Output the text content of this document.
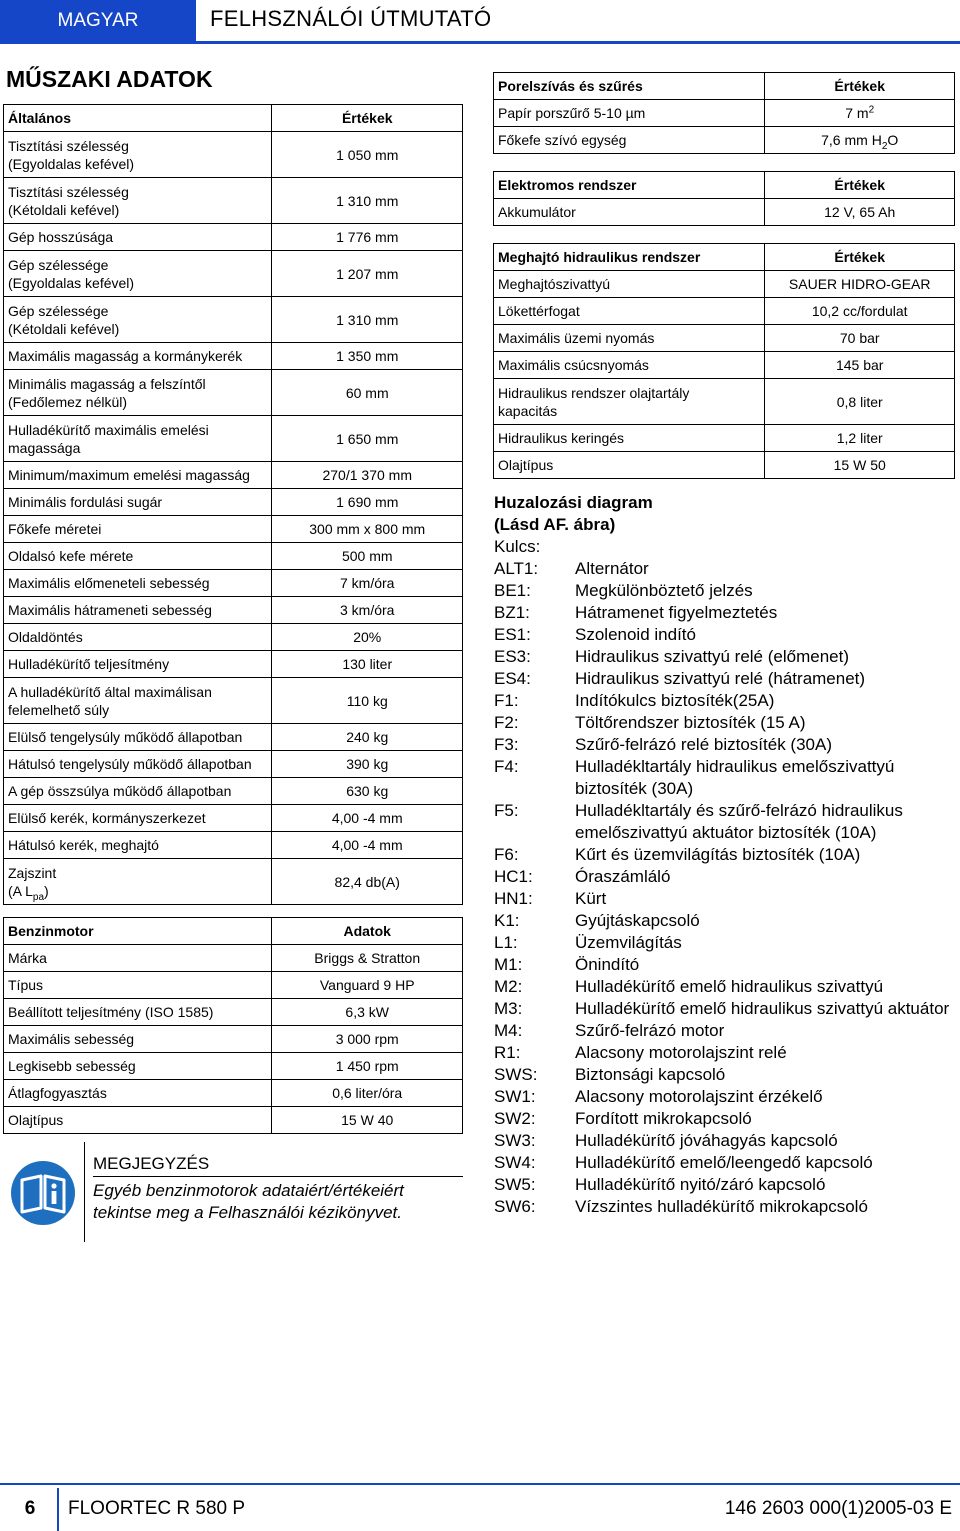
MAGYAR	FELHSZNÁLÓI ÚTMUTATÓ
MŰSZAKI ADATOK
Általános	Értékek

Tisztítási szélesség
(Egyoldalas kefével)	1 050 mm

Tisztítási szélesség
(Kétoldali kefével)	1 310 mm
Gép hosszúsága	1 776 mm

Gép szélessége
(Egyoldalas kefével)	1 207 mm

Gép szélessége
(Kétoldali kefével)	1 310 mm
Maximális magasság a kormánykerék	1 350 mm

Minimális magasság a felszíntől
(Fedőlemez nélkül)	60 mm

Hulladékürítő maximális emelési
magassága	1 650 mm
Minimum/maximum emelési magasság	270/1 370 mm
Minimális fordulási sugár	1 690 mm
Főkefe méretei	300 mm x 800 mm
Oldalsó kefe mérete	500 mm
Maximális előmeneteli sebesség	7 km/óra
Maximális hátrameneti sebesség	3 km/óra
Oldaldöntés	20%
Hulladékürítő teljesítmény	130 liter

A hulladékürítő által maximálisan
felemelhető súly	110 kg
Elülső tengelysúly működő állapotban	240 kg
Hátulsó tengelysúly működő állapotban	390 kg
A gép összsúlya működő állapotban	630 kg
Elülső kerék, kormányszerkezet	4,00 -4 mm
Hátulsó kerék, meghajtó	4,00 -4 mm

Zajszint
(A $L_{pa}$)	82,4 db(A)
Benzinmotor	Adatok
Márka	Briggs & Stratton
Típus	Vanguard 9 HP
Beállított teljesítmény (ISO 1585)	6,3 kW
Maximális sebesség	3 000 rpm
Legkisebb sebesség	1 450 rpm
Átlagfogyasztás	0,6 liter/óra
Olajtípus	15 W 40
MEGJEGYZÉS
Egyéb benzinmotorok adataiért/értékeiért
tekintse meg a Felhasználói kézikönyvet.
Porelszívás és szűrés	Értékek
Papír porszűrő 5-10 µm	7 $m^2$
Főkefe szívó egység	7,6 mm $H_2O$
Elektromos rendszer	Értékek
Akkumulátor	12 V, 65 Ah
Meghajtó hidraulikus rendszer	Értékek
Meghajtószivattyú	SAUER HIDRO-GEAR
Lökettérfogat	10,2 cc/fordulat
Maximális üzemi nyomás	70 bar
Maximális csúcsnyomás	145 bar

Hidraulikus rendszer olajtartály
kapacitás	0,8 liter
Hidraulikus keringés	1,2 liter
Olajtípus	15 W 50
Huzalozási diagram
(Lásd AF. ábra)
Kulcs:
ALT1:	Alternátor
BE1:	Megkülönböztető jelzés
BZ1:	Hátramenet figyelmeztetés
ES1:	Szolenoid indító
ES3:	Hidraulikus szivattyú relé (előmenet)
ES4:	Hidraulikus szivattyú relé (hátramenet)
F1:	Indítókulcs biztosíték(25A)
F2:	Töltőrendszer biztosíték (15 A)
F3:	Szűrő-felrázó relé biztosíték (30A)
F4:	Hulladékltartály hidraulikus emelőszivattyú biztosíték (30A)
F5:	Hulladékltartály és szűrő-felrázó hidraulikus emelőszivattyú aktuátor biztosíték (10A)
F6:	Kűrt és üzemvilágítás biztosíték (10A)
HC1:	Óraszámláló
HN1:	Kürt
K1:	Gyújtáskapcsoló
L1:	Üzemvilágítás
M1:	Önindító
M2:	Hulladékürítő emelő hidraulikus szivattyú
M3:	Hulladékürítő emelő hidraulikus szivattyú aktuátor
M4:	Szűrő-felrázó motor
R1:	Alacsony motorolajszint relé
SWS:	Biztonsági kapcsoló
SW1:	Alacsony motorolajszint érzékelő
SW2:	Fordított mikrokapcsoló
SW3:	Hulladékürítő jóváhagyás kapcsoló
SW4:	Hulladékürítő emelő/leengedő kapcsoló
SW5:	Hulladékürítő nyitó/záró kapcsoló
SW6:	Vízszintes hulladékürítő mikrokapcsoló
6	FLOORTEC R 580 P	146 2603 000(1)2005-03 E
